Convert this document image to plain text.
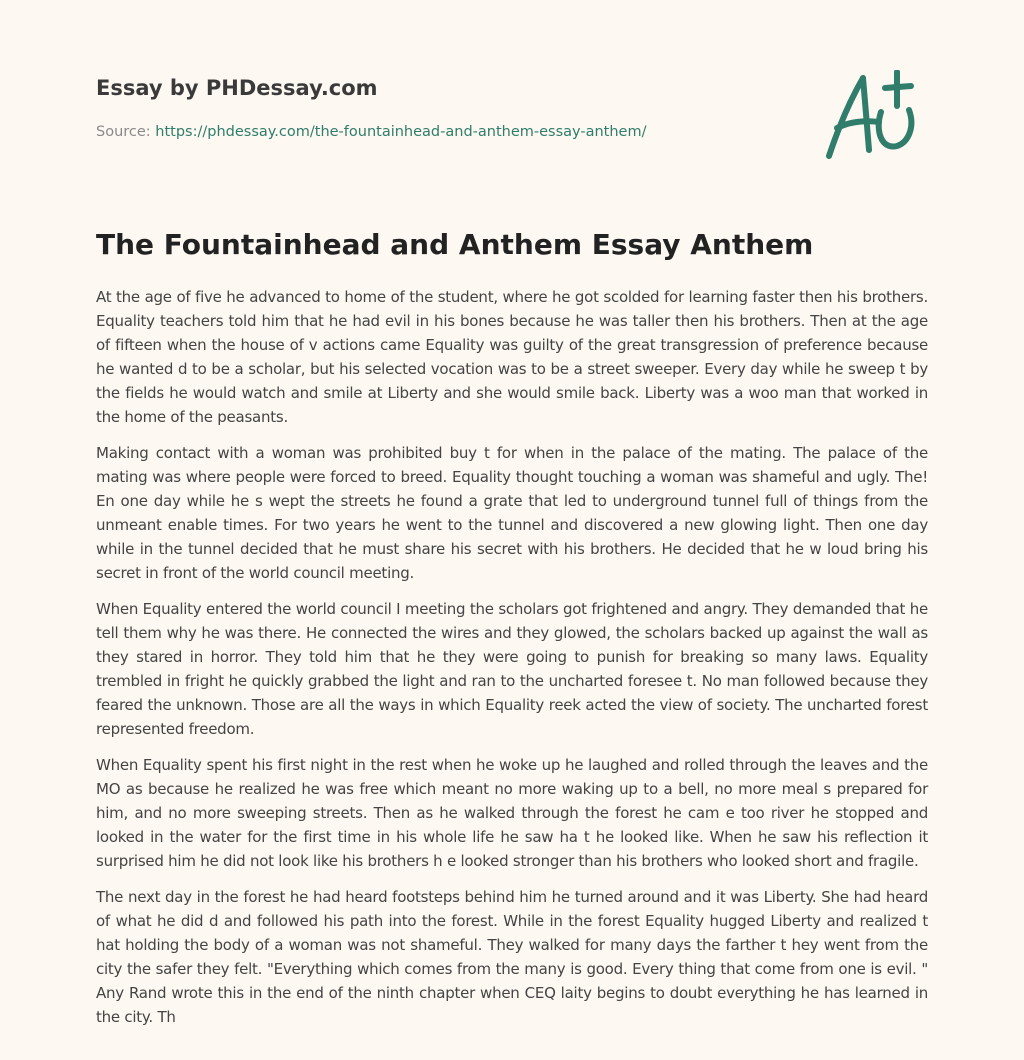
Essay by PHDessay.com
Source: https://phdessay.com/the-fountainhead-and-anthem-essay-anthem/
The Fountainhead and Anthem Essay Anthem

At the age of five he advanced to home of the student, where he got scolded for learning faster then his brothers. Equality teachers told him that he had evil in his bones because he was taller then his brothers. Then at the age of fifteen when the house of v actions came Equality was guilty of the great transgression of preference because he wanted d to be a scholar, but his selected vocation was to be a street sweeper. Every day while he sweep t by the fields he would watch and smile at Liberty and she would smile back. Liberty was a woo man that worked in the home of the peasants.

Making contact with a woman was prohibited buy t for when in the palace of the mating. The palace of the mating was where people were forced to breed. Equality thought touching a woman was shameful and ugly. The! En one day while he s wept the streets he found a grate that led to underground tunnel full of things from the unmeant enable times. For two years he went to the tunnel and discovered a new glowing light. Then one day while in the tunnel decided that he must share his secret with his brothers. He decided that he w loud bring his secret in front of the world council meeting.

When Equality entered the world council I meeting the scholars got frightened and angry. They demanded that he tell them why he was there. He connected the wires and they glowed, the scholars backed up against the wall as they stared in horror. They told him that he they were going to punish for breaking so many laws. Equality trembled in fright he quickly grabbed the light and ran to the uncharted foresee t. No man followed because they feared the unknown. Those are all the ways in which Equality reek acted the view of society. The uncharted forest represented freedom.

When Equality spent his first night in the rest when he woke up he laughed and rolled through the leaves and the MO as because he realized he was free which meant no more waking up to a bell, no more meal s prepared for him, and no more sweeping streets. Then as he walked through the forest he cam e too river he stopped and looked in the water for the first time in his whole life he saw ha t he looked like. When he saw his reflection it surprised him he did not look like his brothers h e looked stronger than his brothers who looked short and fragile.

The next day in the forest he had heard footsteps behind him he turned around and it was Liberty. She had heard of what he did d and followed his path into the forest. While in the forest Equality hugged Liberty and realized t hat holding the body of a woman was not shameful. They walked for many days the farther t hey went from the city the safer they felt. "Everything which comes from the many is good. Every thing that come from one is evil. " Any Rand wrote this in the end of the ninth chapter when CEQ laity begins to doubt everything he has learned in the city. Th
